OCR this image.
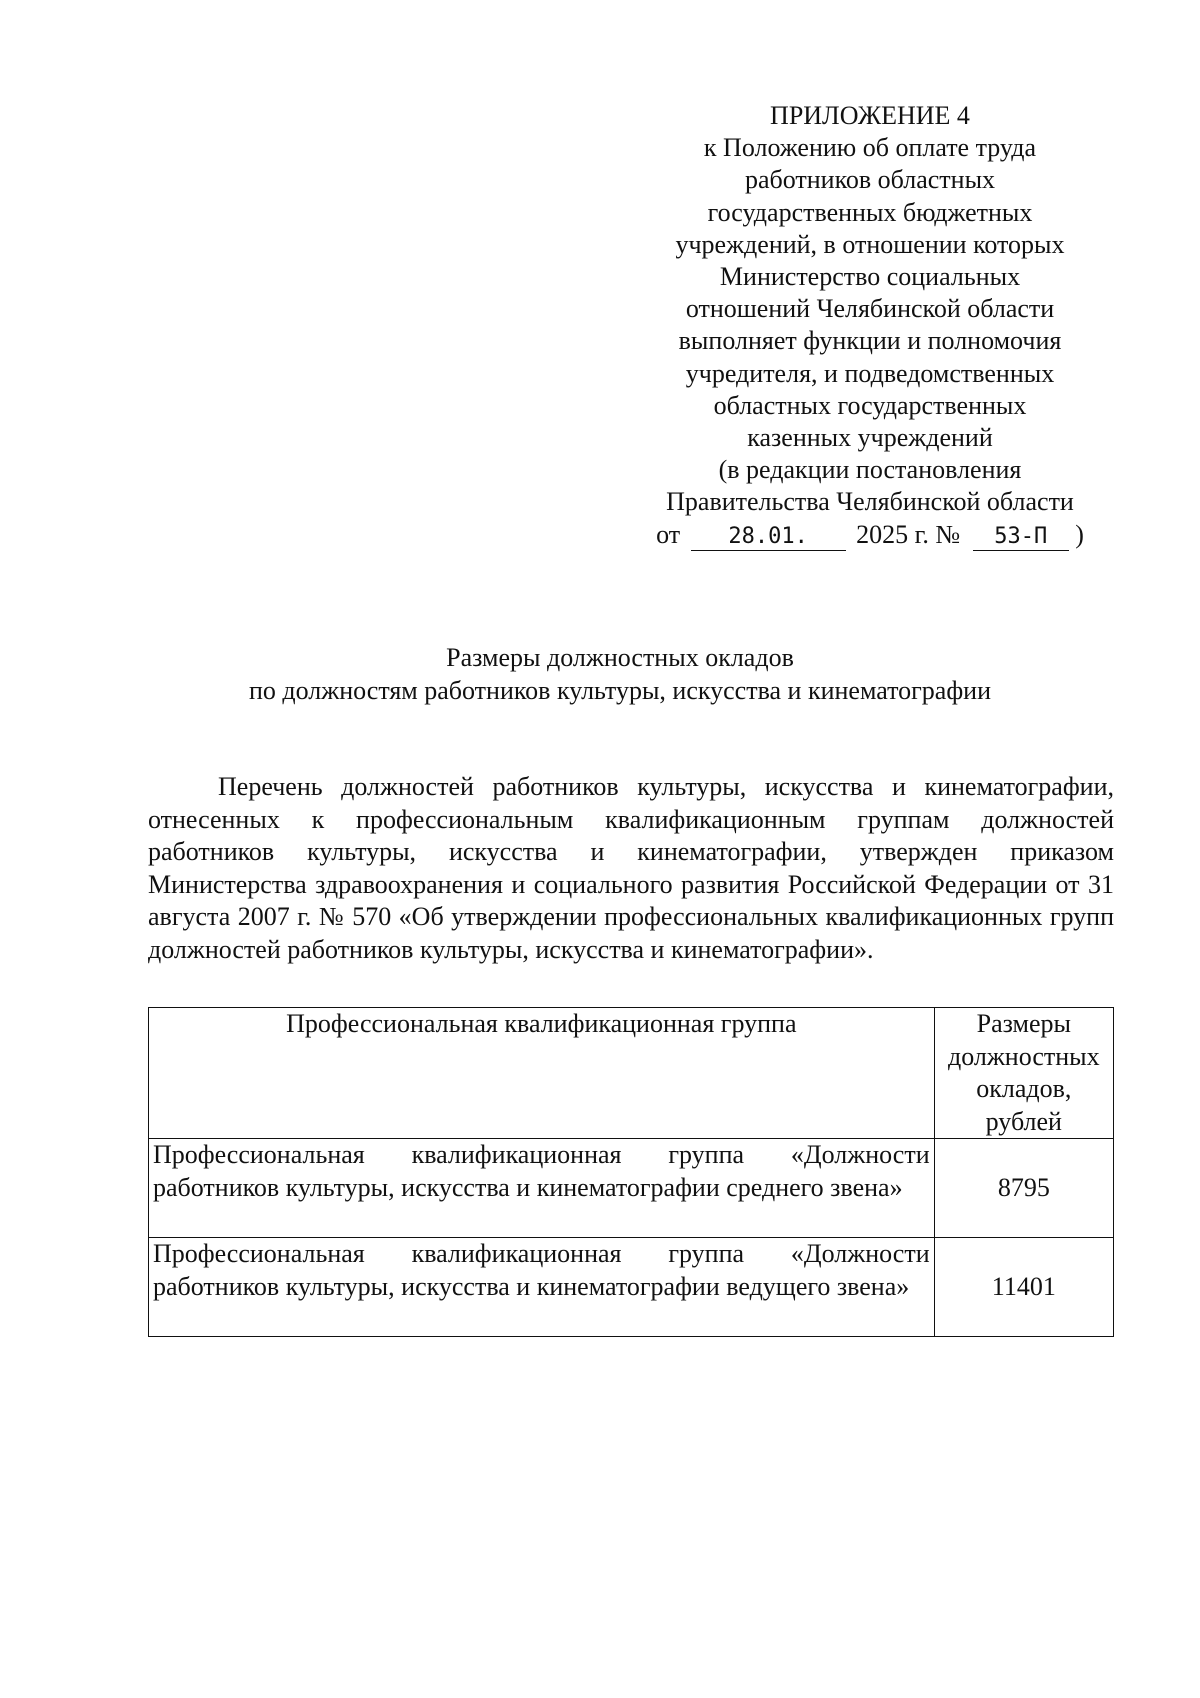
ПРИЛОЖЕНИЕ 4
к Положению об оплате труда
работников областных
государственных бюджетных
учреждений, в отношении которых
Министерство социальных
отношений Челябинской области
выполняет функции и полномочия
учредителя, и подведомственных
областных государственных
казенных учреждений
(в редакции постановления
Правительства Челябинской области
от 28.01. 2025 г. № 53-П )
Размеры должностных окладов
по должностям работников культуры, искусства и кинематографии

Перечень должностей работников культуры, искусства и кинематографии, отнесенных к профессиональным квалификационным группам должностей работников культуры, искусства и кинематографии, утвержден приказом Министерства здравоохранения и социального развития Российской Федерации от 31 августа 2007 г. № 570 «Об утверждении профессиональных квалификационных групп должностей работников культуры, искусства и кинематографии».

Профессиональная квалификационная группа	Размеры
должностных
окладов,
рублей

Профессиональная квалификационная группа «Должности работников культуры, искусства и кинематографии среднего звена»	8795
Профессиональная квалификационная группа «Должности работников культуры, искусства и кинематографии ведущего звена»	11401
